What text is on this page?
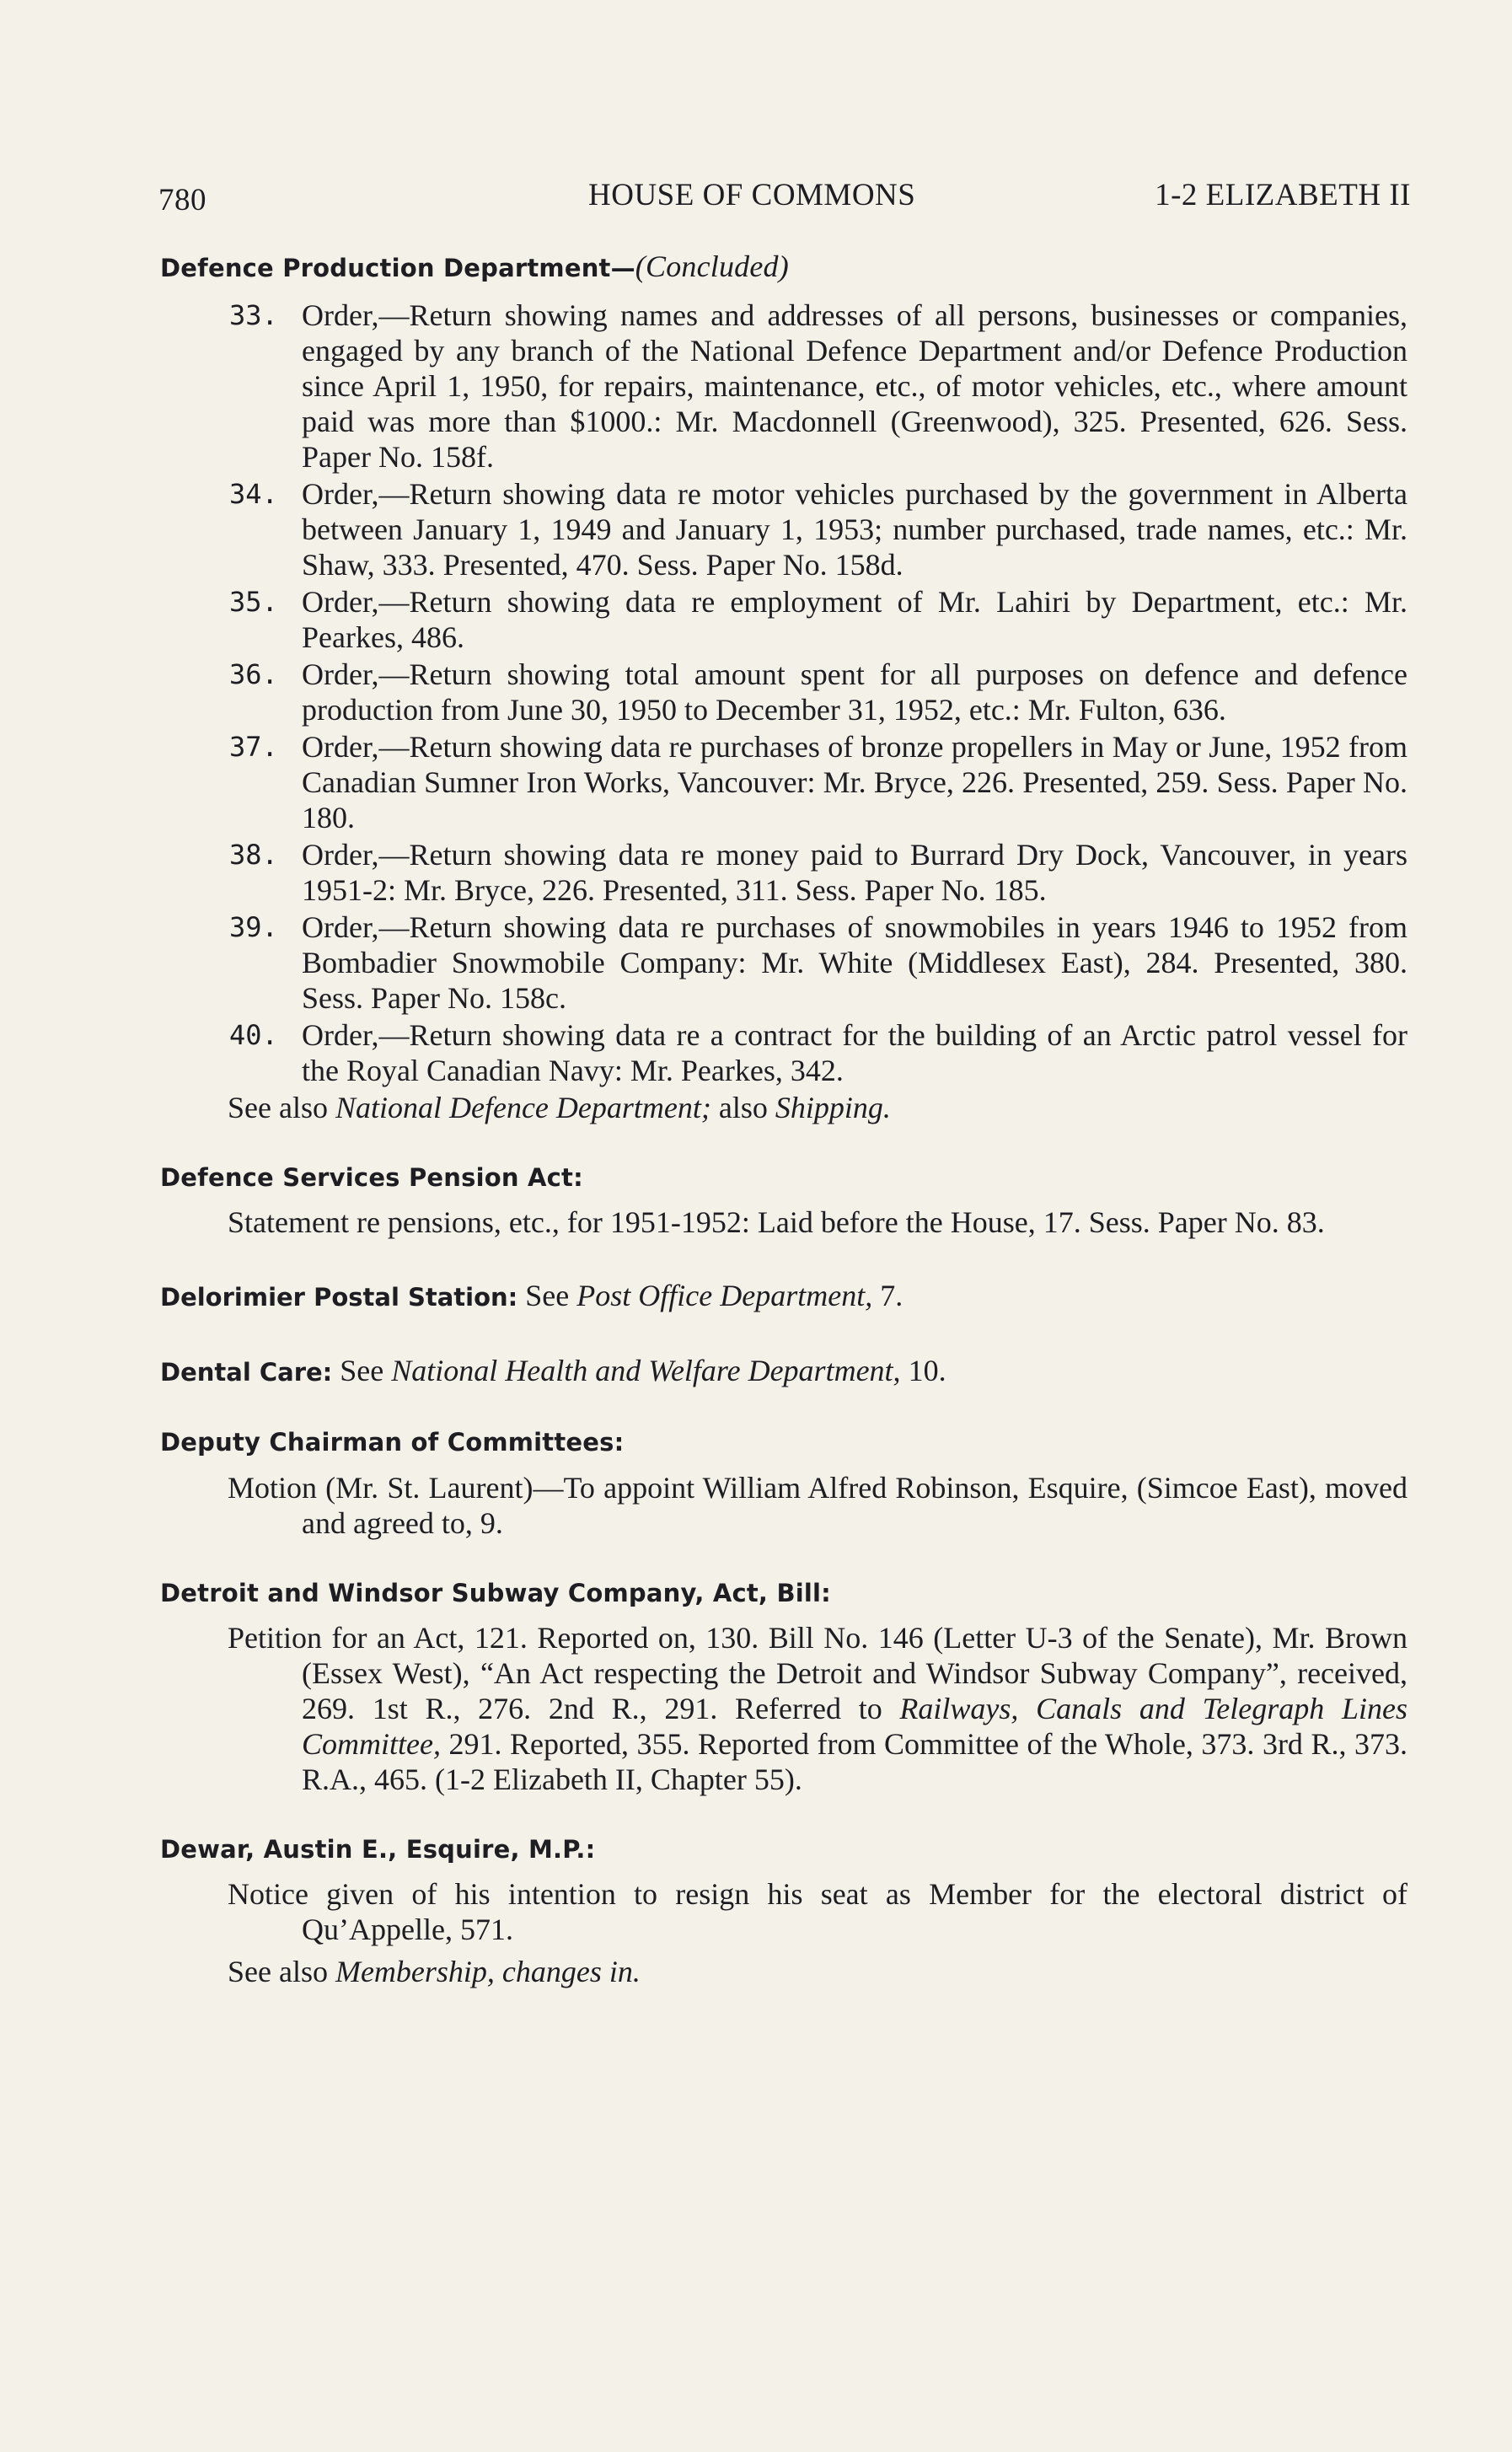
780	HOUSE OF COMMONS	1-2 ELIZABETH II
Defence Production Department—(Concluded)
33. Order,—Return showing names and addresses of all persons, businesses or companies, engaged by any branch of the National Defence Department and/or Defence Production since April 1, 1950, for repairs, maintenance, etc., of motor vehicles, etc., where amount paid was more than $1000.: Mr. Macdonnell (Greenwood), 325. Presented, 626. Sess. Paper No. 158f.
34. Order,—Return showing data re motor vehicles purchased by the government in Alberta between January 1, 1949 and January 1, 1953; number purchased, trade names, etc.: Mr. Shaw, 333. Presented, 470. Sess. Paper No. 158d.
35. Order,—Return showing data re employment of Mr. Lahiri by Department, etc.: Mr. Pearkes, 486.
36. Order,—Return showing total amount spent for all purposes on defence and defence production from June 30, 1950 to December 31, 1952, etc.: Mr. Fulton, 636.
37. Order,—Return showing data re purchases of bronze propellers in May or June, 1952 from Canadian Sumner Iron Works, Vancouver: Mr. Bryce, 226. Presented, 259. Sess. Paper No. 180.
38. Order,—Return showing data re money paid to Burrard Dry Dock, Vancouver, in years 1951-2: Mr. Bryce, 226. Presented, 311. Sess. Paper No. 185.
39. Order,—Return showing data re purchases of snowmobiles in years 1946 to 1952 from Bombadier Snowmobile Company: Mr. White (Middlesex East), 284. Presented, 380. Sess. Paper No. 158c.
40. Order,—Return showing data re a contract for the building of an Arctic patrol vessel for the Royal Canadian Navy: Mr. Pearkes, 342.
See also National Defence Department; also Shipping.
Defence Services Pension Act:
Statement re pensions, etc., for 1951-1952: Laid before the House, 17. Sess. Paper No. 83.
Delorimier Postal Station: See Post Office Department, 7.
Dental Care: See National Health and Welfare Department, 10.
Deputy Chairman of Committees:
Motion (Mr. St. Laurent)—To appoint William Alfred Robinson, Esquire, (Simcoe East), moved and agreed to, 9.
Detroit and Windsor Subway Company, Act, Bill:
Petition for an Act, 121. Reported on, 130. Bill No. 146 (Letter U-3 of the Senate), Mr. Brown (Essex West), “An Act respecting the Detroit and Windsor Subway Company”, received, 269. 1st R., 276. 2nd R., 291. Referred to Railways, Canals and Telegraph Lines Committee, 291. Reported, 355. Reported from Committee of the Whole, 373. 3rd R., 373. R.A., 465. (1-2 Elizabeth II, Chapter 55).
Dewar, Austin E., Esquire, M.P.:
Notice given of his intention to resign his seat as Member for the electoral district of Qu’Appelle, 571.
See also Membership, changes in.
